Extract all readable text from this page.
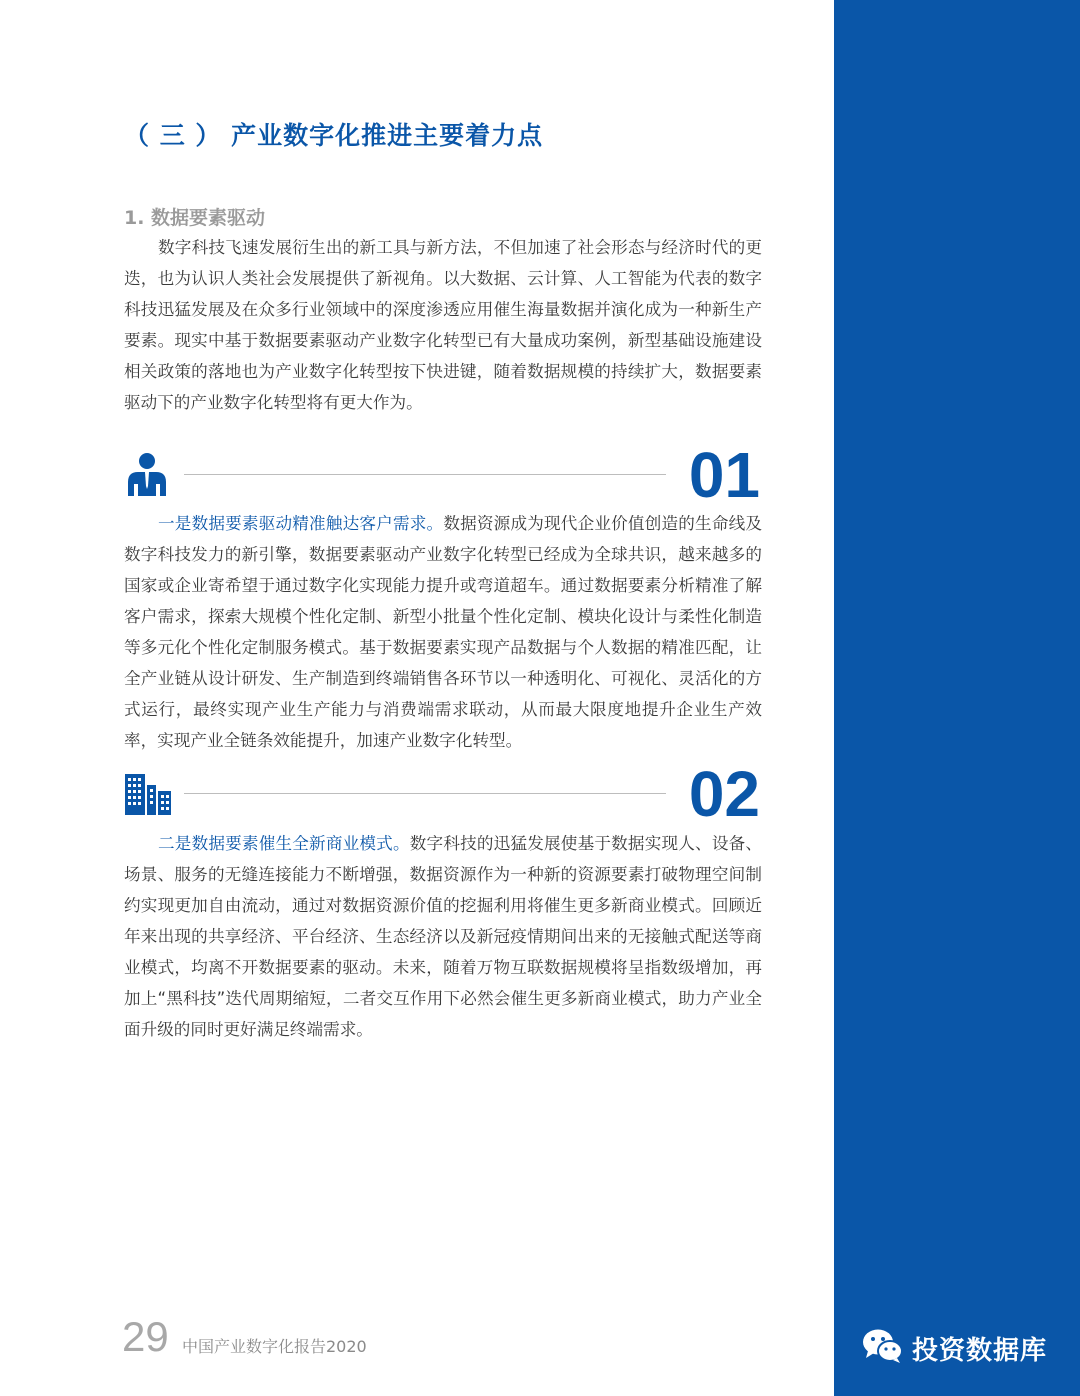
投资数据库
（ 三 ） 产业数字化推进主要着力点
1. 数据要素驱动

数字科技飞速发展衍生出的新工具与新方法，不但加速了社会形态与经济时代的更迭，也为认识人类社会发展提供了新视角。以大数据、云计算、人工智能为代表的数字科技迅猛发展及在众多行业领域中的深度渗透应用催生海量数据并演化成为一种新生产要素。现实中基于数据要素驱动产业数字化转型已有大量成功案例，新型基础设施建设相关政策的落地也为产业数字化转型按下快进键，随着数据规模的持续扩大，数据要素驱动下的产业数字化转型将有更大作为。

01

一是数据要素驱动精准触达客户需求。数据资源成为现代企业价值创造的生命线及数字科技发力的新引擎，数据要素驱动产业数字化转型已经成为全球共识，越来越多的国家或企业寄希望于通过数字化实现能力提升或弯道超车。通过数据要素分析精准了解客户需求，探索大规模个性化定制、新型小批量个性化定制、模块化设计与柔性化制造等多元化个性化定制服务模式。基于数据要素实现产品数据与个人数据的精准匹配，让全产业链从设计研发、生产制造到终端销售各环节以一种透明化、可视化、灵活化的方式运行，最终实现产业生产能力与消费端需求联动，从而最大限度地提升企业生产效率，实现产业全链条效能提升，加速产业数字化转型。

02

二是数据要素催生全新商业模式。数字科技的迅猛发展使基于数据实现人、设备、场景、服务的无缝连接能力不断增强，数据资源作为一种新的资源要素打破物理空间制约实现更加自由流动，通过对数据资源价值的挖掘利用将催生更多新商业模式。回顾近年来出现的共享经济、平台经济、生态经济以及新冠疫情期间出来的无接触式配送等商业模式，均离不开数据要素的驱动。未来，随着万物互联数据规模将呈指数级增加，再加上“黑科技”迭代周期缩短，二者交互作用下必然会催生更多新商业模式，助力产业全面升级的同时更好满足终端需求。

29 中国产业数字化报告2020
